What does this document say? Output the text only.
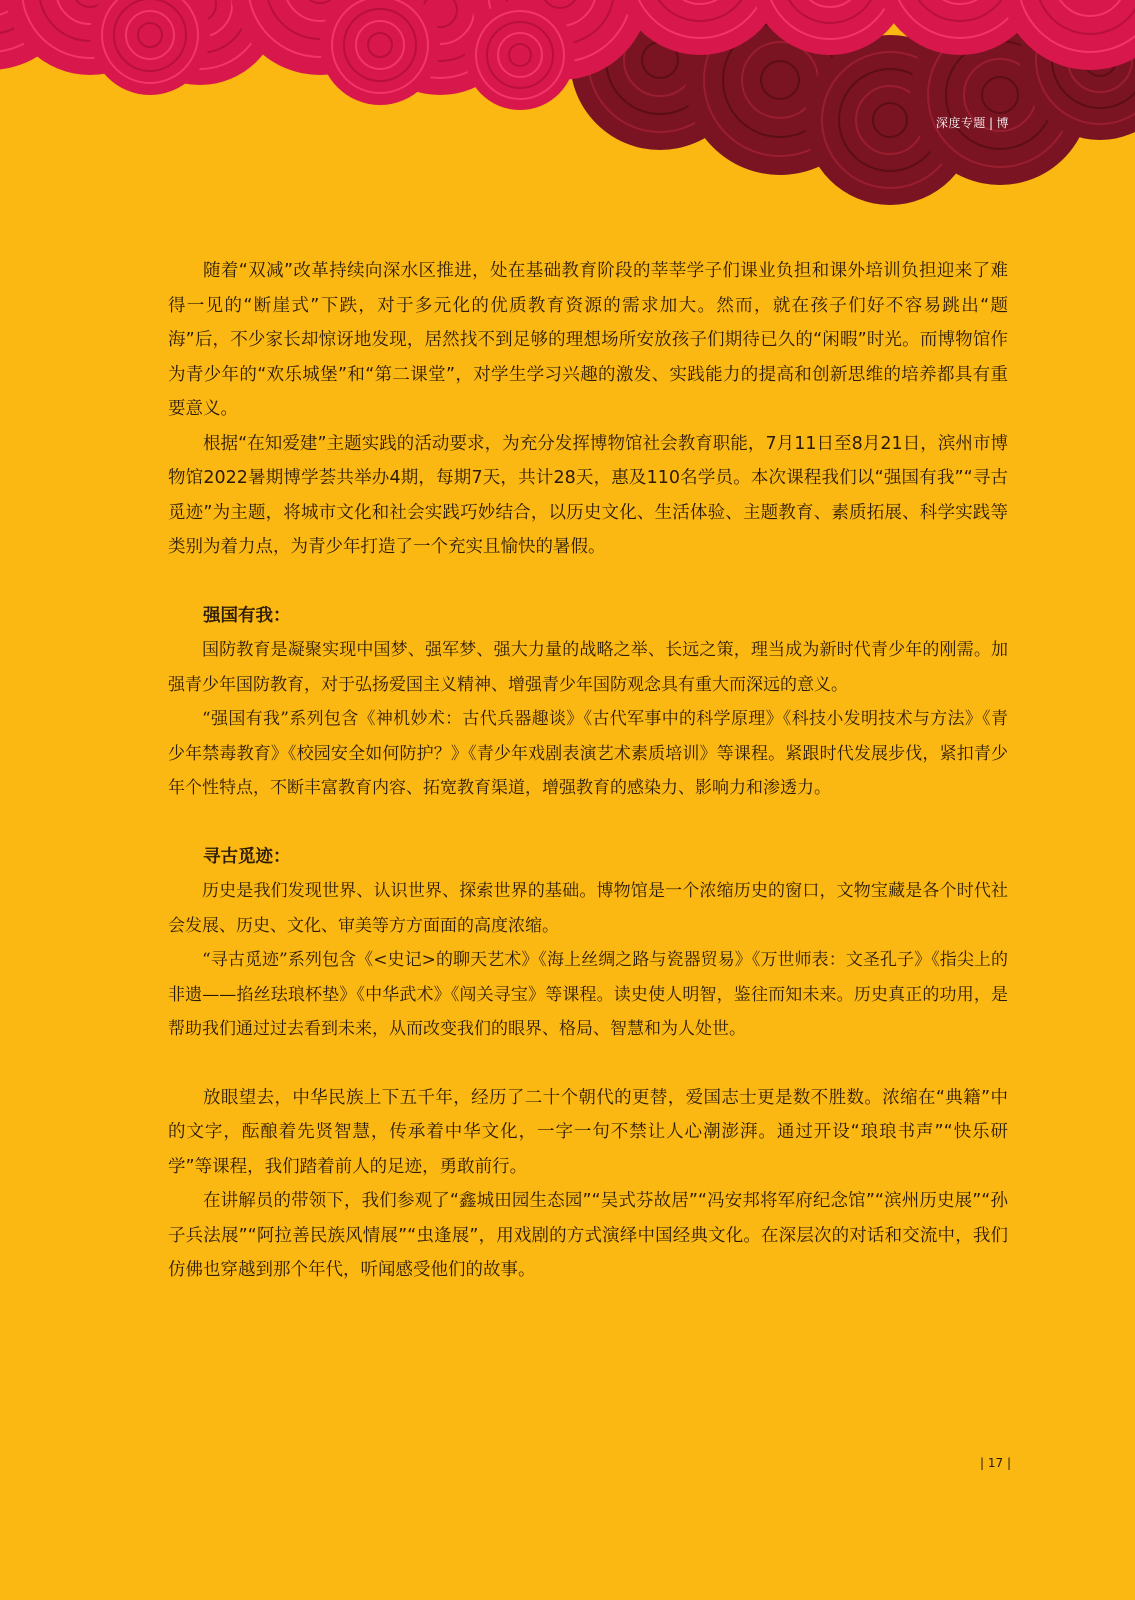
深度专题 | 博

随着“双减”改革持续向深水区推进，处在基础教育阶段的莘莘学子们课业负担和课外培训负担迎来了难得一见的“断崖式”下跌，对于多元化的优质教育资源的需求加大。然而，就在孩子们好不容易跳出“题海”后，不少家长却惊讶地发现，居然找不到足够的理想场所安放孩子们期待已久的“闲暇”时光。而博物馆作为青少年的“欢乐城堡”和“第二课堂”，对学生学习兴趣的激发、实践能力的提高和创新思维的培养都具有重要意义。

根据“在知爱建”主题实践的活动要求，为充分发挥博物馆社会教育职能，7月11日至8月21日，滨州市博物馆2022暑期博学荟共举办4期，每期7天，共计28天，惠及110名学员。本次课程我们以“强国有我”“寻古觅迹”为主题，将城市文化和社会实践巧妙结合，以历史文化、生活体验、主题教育、素质拓展、科学实践等类别为着力点，为青少年打造了一个充实且愉快的暑假。

强国有我：

国防教育是凝聚实现中国梦、强军梦、强大力量的战略之举、长远之策，理当成为新时代青少年的刚需。加强青少年国防教育，对于弘扬爱国主义精神、增强青少年国防观念具有重大而深远的意义。

“强国有我”系列包含《神机妙术：古代兵器趣谈》《古代军事中的科学原理》《科技小发明技术与方法》《青少年禁毒教育》《校园安全如何防护？》《青少年戏剧表演艺术素质培训》等课程。紧跟时代发展步伐，紧扣青少年个性特点，不断丰富教育内容、拓宽教育渠道，增强教育的感染力、影响力和渗透力。

寻古觅迹：

历史是我们发现世界、认识世界、探索世界的基础。博物馆是一个浓缩历史的窗口，文物宝藏是各个时代社会发展、历史、文化、审美等方方面面的高度浓缩。

“寻古觅迹”系列包含《<史记>的聊天艺术》《海上丝绸之路与瓷器贸易》《万世师表：文圣孔子》《指尖上的非遗——掐丝珐琅杯垫》《中华武术》《闯关寻宝》等课程。读史使人明智，鉴往而知未来。历史真正的功用，是帮助我们通过过去看到未来，从而改变我们的眼界、格局、智慧和为人处世。

放眼望去，中华民族上下五千年，经历了二十个朝代的更替，爱国志士更是数不胜数。浓缩在“典籍”中的文字，酝酿着先贤智慧，传承着中华文化，一字一句不禁让人心潮澎湃。通过开设“琅琅书声”“快乐研学”等课程，我们踏着前人的足迹，勇敢前行。

在讲解员的带领下，我们参观了“鑫城田园生态园”“吴式芬故居”“冯安邦将军府纪念馆”“滨州历史展”“孙子兵法展”“阿拉善民族风情展”“虫逢展”，用戏剧的方式演绎中国经典文化。在深层次的对话和交流中，我们仿佛也穿越到那个年代，听闻感受他们的故事。

| 17 |
